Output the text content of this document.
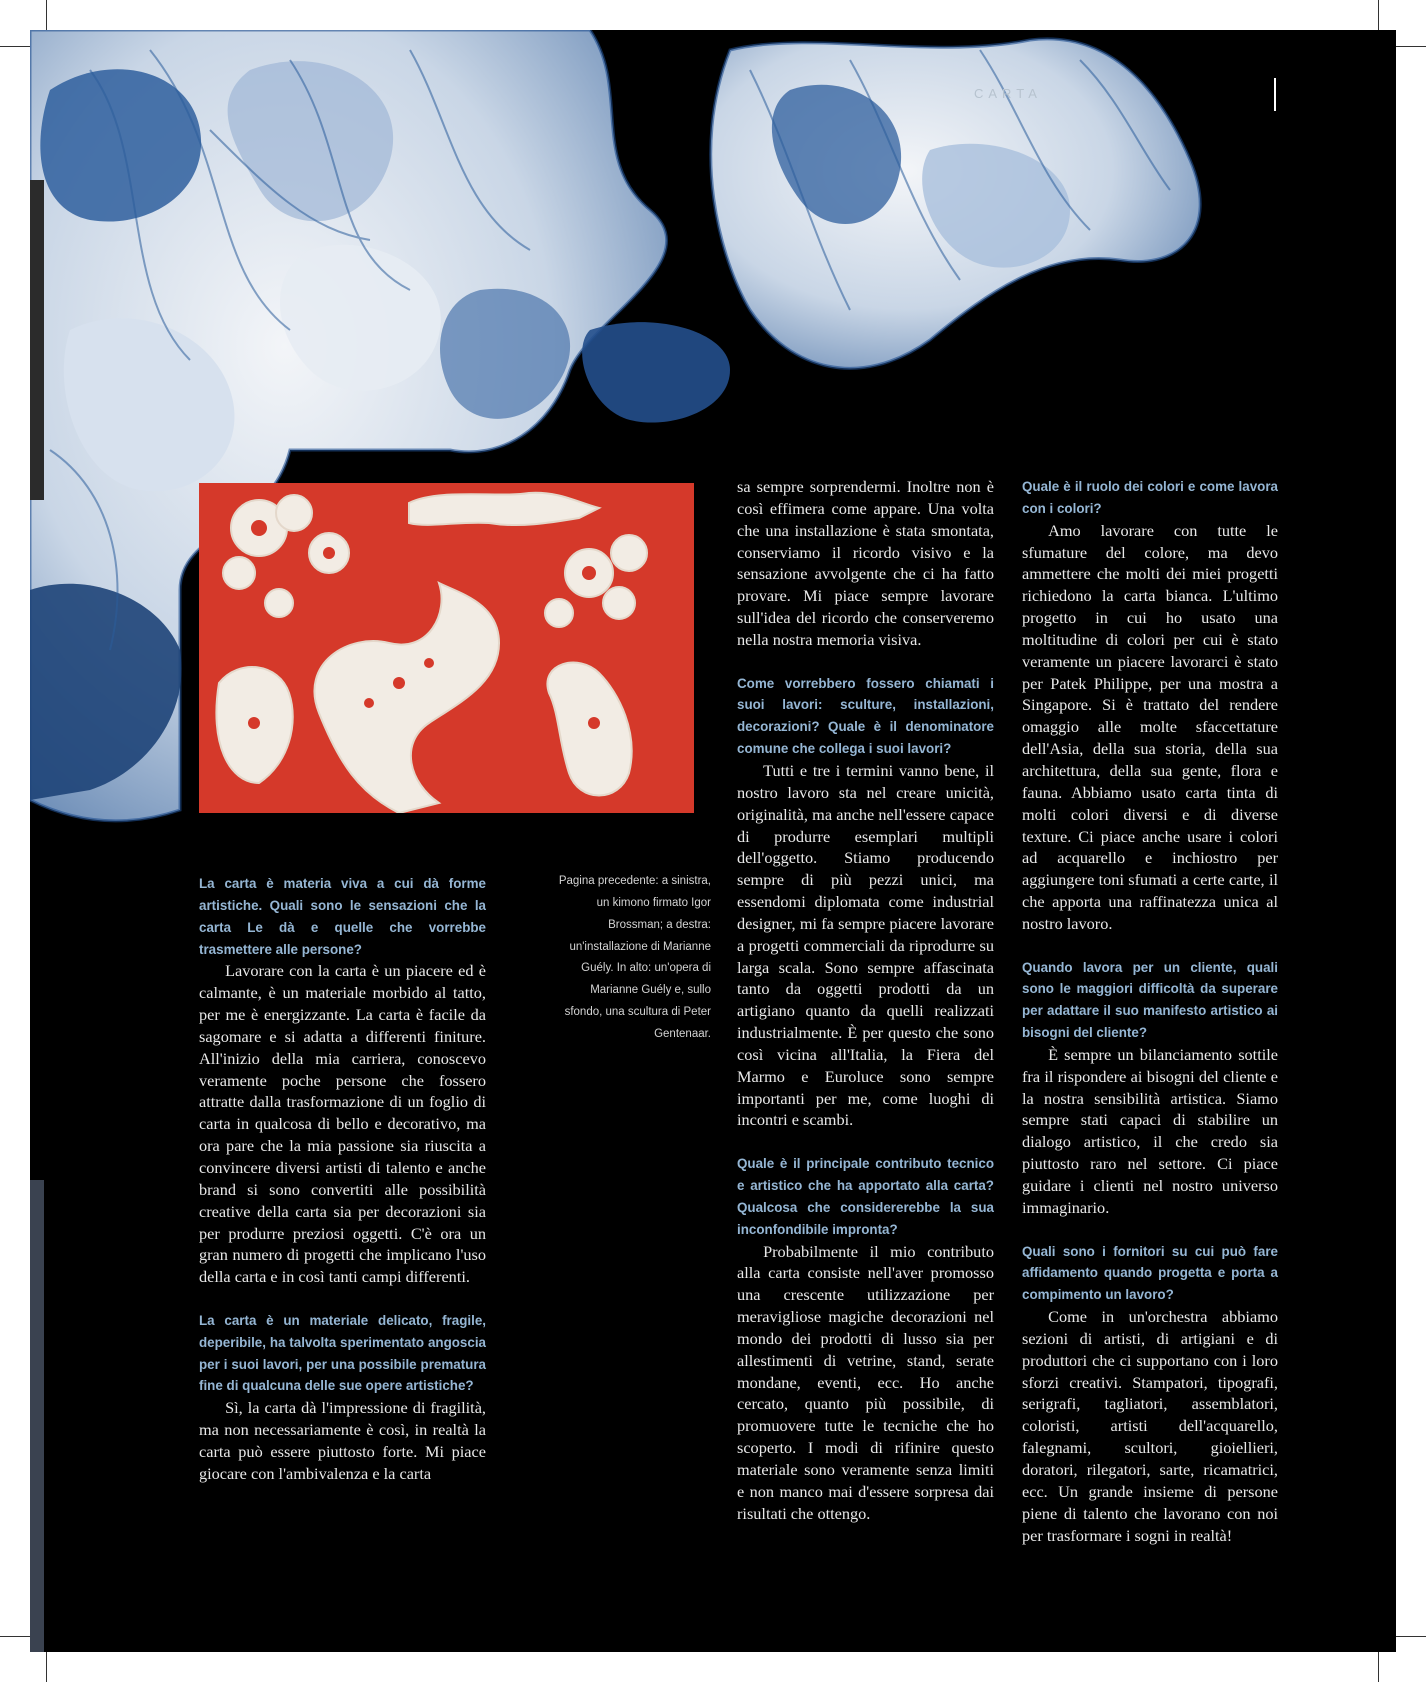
CARTA
Pagina precedente: a sinistra, un kimono firmato Igor Brossman; a destra: un'installazione di Marianne Guély. In alto: un'opera di Marianne Guély e, sullo sfondo, una scultura di Peter Gentenaar.
La carta è materia viva a cui dà forme artistiche. Quali sono le sensazioni che la carta Le dà e quelle che vorrebbe trasmettere alle persone?

Lavorare con la carta è un piacere ed è calmante, è un materiale morbido al tatto, per me è energizzante. La carta è facile da sagomare e si adatta a differenti finiture. All'inizio della mia carriera, conoscevo veramente poche persone che fossero attratte dalla trasformazione di un foglio di carta in qualcosa di bello e decorativo, ma ora pare che la mia passione sia riuscita a convincere diversi artisti di talento e anche brand si sono convertiti alle possibilità creative della carta sia per decorazioni sia per produrre preziosi oggetti. C'è ora un gran numero di progetti che implicano l'uso della carta e in così tanti campi differenti.

La carta è un materiale delicato, fragile, deperibile, ha talvolta sperimentato angoscia per i suoi lavori, per una possibile prematura fine di qualcuna delle sue opere artistiche?

Sì, la carta dà l'impressione di fragilità, ma non necessariamente è così, in realtà la carta può essere piuttosto forte. Mi piace giocare con l'ambivalenza e la carta

sa sempre sorprendermi. Inoltre non è così effimera come appare. Una volta che una installazione è stata smontata, conserviamo il ricordo visivo e la sensazione avvolgente che ci ha fatto provare. Mi piace sempre lavorare sull'idea del ricordo che conserveremo nella nostra memoria visiva.

Come vorrebbero fossero chiamati i suoi lavori: sculture, installazioni, decorazioni? Quale è il denominatore comune che collega i suoi lavori?

Tutti e tre i termini vanno bene, il nostro lavoro sta nel creare unicità, originalità, ma anche nell'essere capace di produrre esemplari multipli dell'oggetto. Stiamo producendo sempre di più pezzi unici, ma essendomi diplomata come industrial designer, mi fa sempre piacere lavorare a progetti commerciali da riprodurre su larga scala. Sono sempre affascinata tanto da oggetti prodotti da un artigiano quanto da quelli realizzati industrialmente. È per questo che sono così vicina all'Italia, la Fiera del Marmo e Euroluce sono sempre importanti per me, come luoghi di incontri e scambi.

Quale è il principale contributo tecnico e artistico che ha apportato alla carta? Qualcosa che considererebbe la sua inconfondibile impronta?

Probabilmente il mio contributo alla carta consiste nell'aver promosso una crescente utilizzazione per meravigliose magiche decorazioni nel mondo dei prodotti di lusso sia per allestimenti di vetrine, stand, serate mondane, eventi, ecc. Ho anche cercato, quanto più possibile, di promuovere tutte le tecniche che ho scoperto. I modi di rifinire questo materiale sono veramente senza limiti e non manco mai d'essere sorpresa dai risultati che ottengo.

Quale è il ruolo dei colori e come lavora con i colori?

Amo lavorare con tutte le sfumature del colore, ma devo ammettere che molti dei miei progetti richiedono la carta bianca. L'ultimo progetto in cui ho usato una moltitudine di colori per cui è stato veramente un piacere lavorarci è stato per Patek Philippe, per una mostra a Singapore. Si è trattato del rendere omaggio alle molte sfaccettature dell'Asia, della sua storia, della sua architettura, della sua gente, flora e fauna. Abbiamo usato carta tinta di molti colori diversi e di diverse texture. Ci piace anche usare i colori ad acquarello e inchiostro per aggiungere toni sfumati a certe carte, il che apporta una raffinatezza unica al nostro lavoro.

Quando lavora per un cliente, quali sono le maggiori difficoltà da superare per adattare il suo manifesto artistico ai bisogni del cliente?

È sempre un bilanciamento sottile fra il rispondere ai bisogni del cliente e la nostra sensibilità artistica. Siamo sempre stati capaci di stabilire un dialogo artistico, il che credo sia piuttosto raro nel settore. Ci piace guidare i clienti nel nostro universo immaginario.

Quali sono i fornitori su cui può fare affidamento quando progetta e porta a compimento un lavoro?

Come in un'orchestra abbiamo sezioni di artisti, di artigiani e di produttori che ci supportano con i loro sforzi creativi. Stampatori, tipografi, serigrafi, tagliatori, assemblatori, coloristi, artisti dell'acquarello, falegnami, scultori, gioiellieri, doratori, rilegatori, sarte, ricamatrici, ecc. Un grande insieme di persone piene di talento che lavorano con noi per trasformare i sogni in realtà!
